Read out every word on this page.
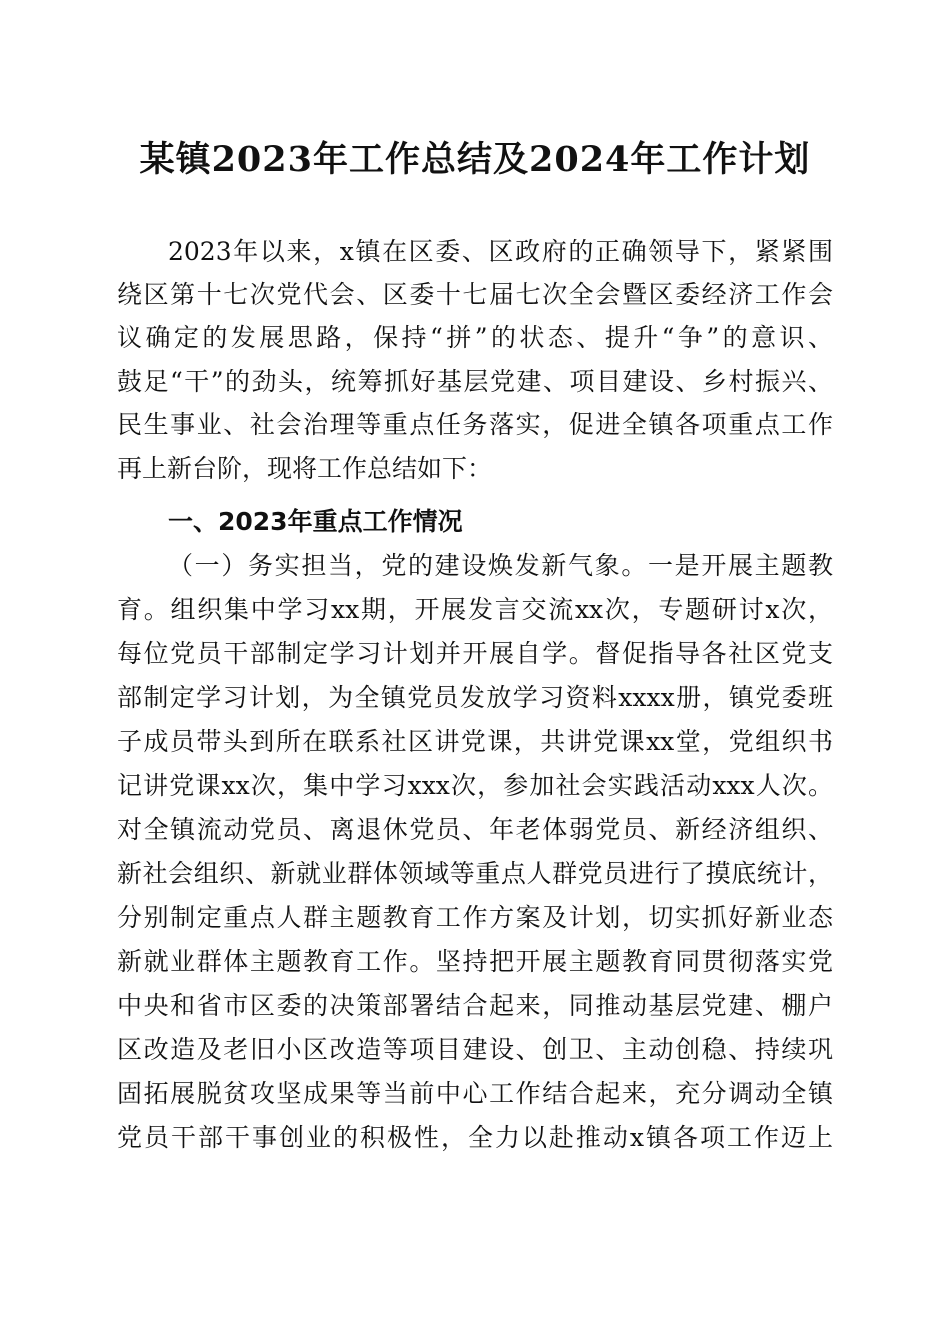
某镇2023年工作总结及2024年工作计划
2023年以来，x镇在区委、区政府的正确领导下，紧紧围
绕区第十七次党代会、区委十七届七次全会暨区委经济工作会
议确定的发展思路，保持“拼”的状态、提升“争”的意识、
鼓足“干”的劲头，统筹抓好基层党建、项目建设、乡村振兴、
民生事业、社会治理等重点任务落实，促进全镇各项重点工作
再上新台阶，现将工作总结如下：
一、2023年重点工作情况
（一）务实担当，党的建设焕发新气象。一是开展主题教
育。组织集中学习xx期，开展发言交流xx次，专题研讨x次，
每位党员干部制定学习计划并开展自学。督促指导各社区党支
部制定学习计划，为全镇党员发放学习资料xxxx册，镇党委班
子成员带头到所在联系社区讲党课，共讲党课xx堂，党组织书
记讲党课xx次，集中学习xxx次，参加社会实践活动xxx人次。
对全镇流动党员、离退休党员、年老体弱党员、新经济组织、
新社会组织、新就业群体领域等重点人群党员进行了摸底统计，
分别制定重点人群主题教育工作方案及计划，切实抓好新业态
新就业群体主题教育工作。坚持把开展主题教育同贯彻落实党
中央和省市区委的决策部署结合起来，同推动基层党建、棚户
区改造及老旧小区改造等项目建设、创卫、主动创稳、持续巩
固拓展脱贫攻坚成果等当前中心工作结合起来，充分调动全镇
党员干部干事创业的积极性，全力以赴推动x镇各项工作迈上
